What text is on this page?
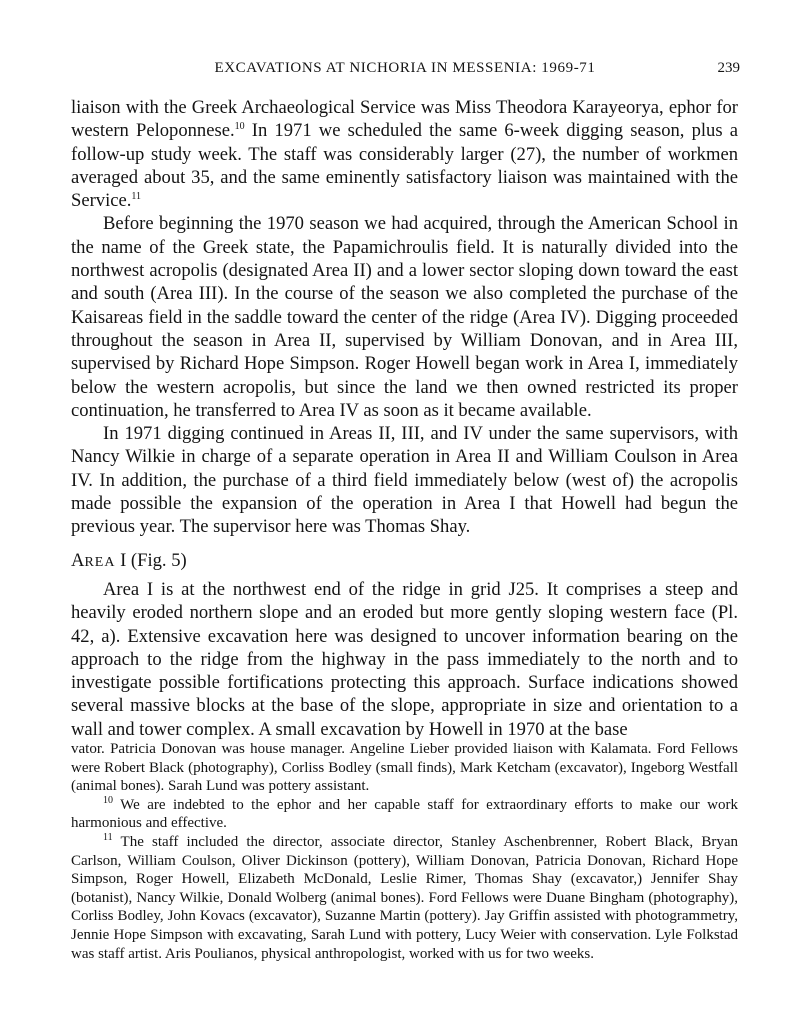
EXCAVATIONS AT NICHORIA IN MESSENIA: 1969-71	239

liaison with the Greek Archaeological Service was Miss Theodora Karayeorya, ephor for western Peloponnese.$^{10}$ In 1971 we scheduled the same 6-week digging season, plus a follow-up study week. The staff was considerably larger (27), the number of workmen averaged about 35, and the same eminently satisfactory liaison was maintained with the Service.$^{11}$

Before beginning the 1970 season we had acquired, through the American School in the name of the Greek state, the Papamichroulis field. It is naturally divided into the northwest acropolis (designated Area II) and a lower sector sloping down toward the east and south (Area III). In the course of the season we also completed the purchase of the Kaisareas field in the saddle toward the center of the ridge (Area IV). Digging proceeded throughout the season in Area II, supervised by William Donovan, and in Area III, supervised by Richard Hope Simpson. Roger Howell began work in Area I, immediately below the western acropolis, but since the land we then owned restricted its proper continuation, he transferred to Area IV as soon as it became available.

In 1971 digging continued in Areas II, III, and IV under the same supervisors, with Nancy Wilkie in charge of a separate operation in Area II and William Coulson in Area IV. In addition, the purchase of a third field immediately below (west of) the acropolis made possible the expansion of the operation in Area I that Howell had begun the previous year. The supervisor here was Thomas Shay.

AREA I (Fig. 5)

Area I is at the northwest end of the ridge in grid J25. It comprises a steep and heavily eroded northern slope and an eroded but more gently sloping western face (Pl. 42, a). Extensive excavation here was designed to uncover information bearing on the approach to the ridge from the highway in the pass immediately to the north and to investigate possible fortifications protecting this approach. Surface indications showed several massive blocks at the base of the slope, appropriate in size and orientation to a wall and tower complex. A small excavation by Howell in 1970 at the base

vator. Patricia Donovan was house manager. Angeline Lieber provided liaison with Kalamata. Ford Fellows were Robert Black (photography), Corliss Bodley (small finds), Mark Ketcham (excavator), Ingeborg Westfall (animal bones). Sarah Lund was pottery assistant.

$^{10}$ We are indebted to the ephor and her capable staff for extraordinary efforts to make our work harmonious and effective.

$^{11}$ The staff included the director, associate director, Stanley Aschenbrenner, Robert Black, Bryan Carlson, William Coulson, Oliver Dickinson (pottery), William Donovan, Patricia Donovan, Richard Hope Simpson, Roger Howell, Elizabeth McDonald, Leslie Rimer, Thomas Shay (excavator,) Jennifer Shay (botanist), Nancy Wilkie, Donald Wolberg (animal bones). Ford Fellows were Duane Bingham (photography), Corliss Bodley, John Kovacs (excavator), Suzanne Martin (pottery). Jay Griffin assisted with photogrammetry, Jennie Hope Simpson with excavating, Sarah Lund with pottery, Lucy Weier with conservation. Lyle Folkstad was staff artist. Aris Poulianos, physical anthropologist, worked with us for two weeks.
